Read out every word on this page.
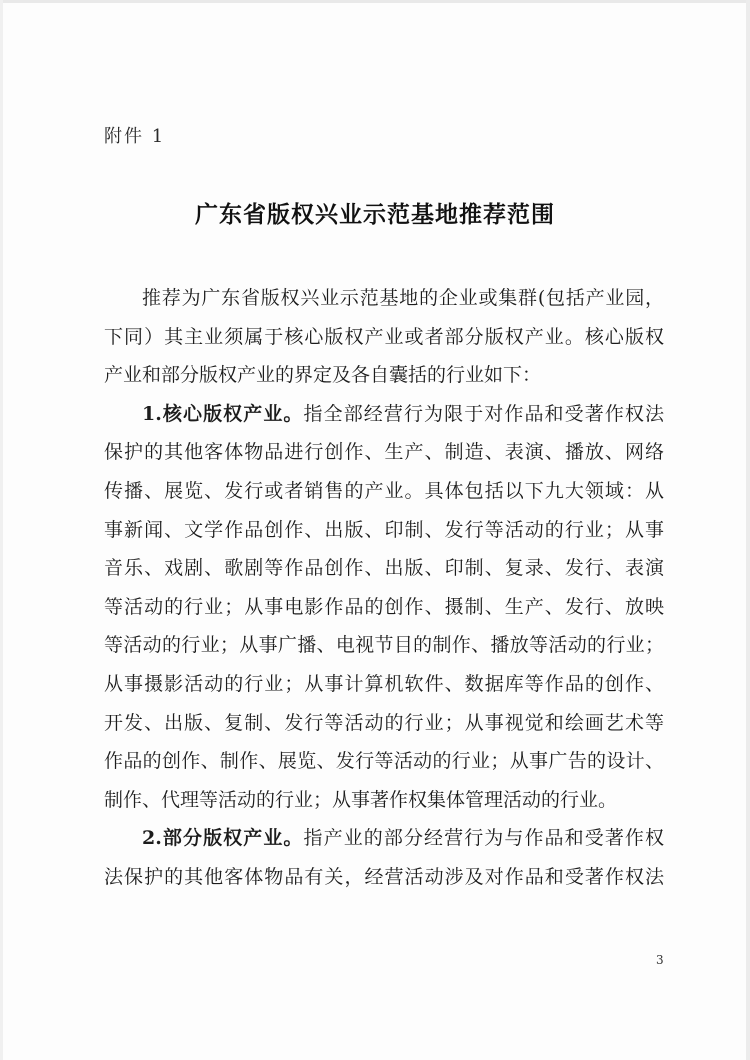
附件 1
广东省版权兴业示范基地推荐范围
推荐为广东省版权兴业示范基地的企业或集群(包括产业园，
下同）其主业须属于核心版权产业或者部分版权产业。核心版权
产业和部分版权产业的界定及各自囊括的行业如下：
1.核心版权产业。指全部经营行为限于对作品和受著作权法
保护的其他客体物品进行创作、生产、制造、表演、播放、网络
传播、展览、发行或者销售的产业。具体包括以下九大领域：从
事新闻、文学作品创作、出版、印制、发行等活动的行业；从事
音乐、戏剧、歌剧等作品创作、出版、印制、复录、发行、表演
等活动的行业；从事电影作品的创作、摄制、生产、发行、放映
等活动的行业；从事广播、电视节目的制作、播放等活动的行业；
从事摄影活动的行业；从事计算机软件、数据库等作品的创作、
开发、出版、复制、发行等活动的行业；从事视觉和绘画艺术等
作品的创作、制作、展览、发行等活动的行业；从事广告的设计、
制作、代理等活动的行业；从事著作权集体管理活动的行业。
2.部分版权产业。指产业的部分经营行为与作品和受著作权
法保护的其他客体物品有关，经营活动涉及对作品和受著作权法
3
